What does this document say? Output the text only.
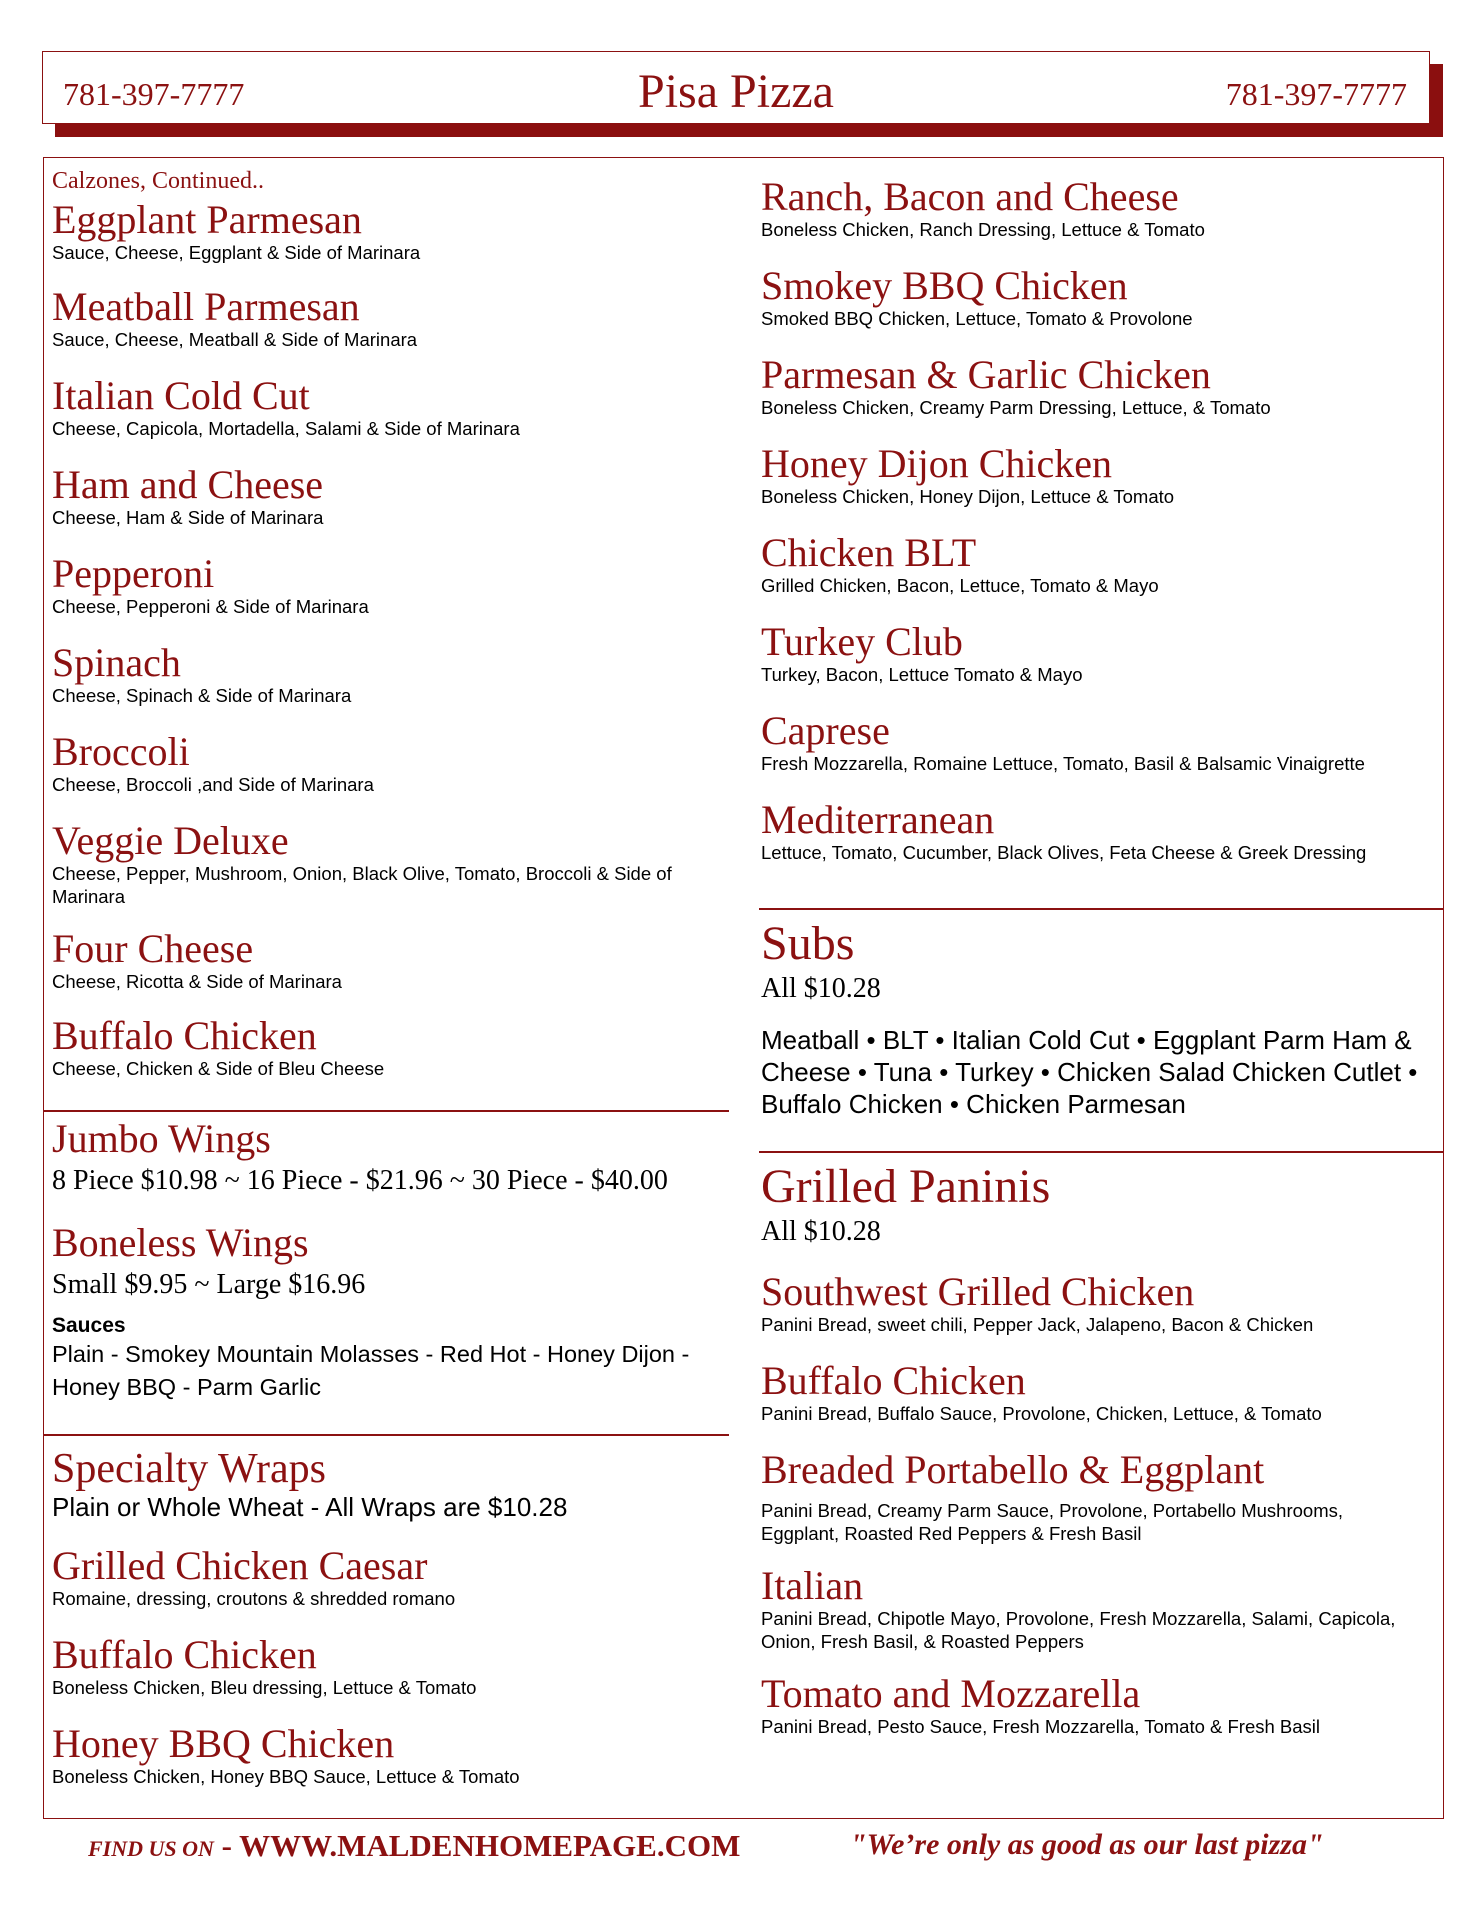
781-397-7777	Pisa Pizza	781-397-7777
Calzones, Continued..
Eggplant Parmesan
Sauce, Cheese, Eggplant & Side of Marinara
Meatball Parmesan
Sauce, Cheese, Meatball & Side of Marinara
Italian Cold Cut
Cheese, Capicola, Mortadella, Salami & Side of Marinara
Ham and Cheese
Cheese, Ham & Side of Marinara
Pepperoni
Cheese, Pepperoni & Side of Marinara
Spinach
Cheese, Spinach & Side of Marinara
Broccoli
Cheese, Broccoli ,and Side of Marinara
Veggie Deluxe
Cheese, Pepper, Mushroom, Onion, Black Olive, Tomato, Broccoli & Side of Marinara
Four Cheese
Cheese, Ricotta & Side of Marinara
Buffalo Chicken
Cheese, Chicken & Side of Bleu Cheese
Jumbo Wings
8 Piece $10.98 ~ 16 Piece - $21.96 ~ 30 Piece - $40.00
Boneless Wings
Small $9.95 ~ Large $16.96
Sauces
Plain - Smokey Mountain Molasses - Red Hot - Honey Dijon - Honey BBQ - Parm Garlic
Specialty Wraps
Plain or Whole Wheat - All Wraps are $10.28
Grilled Chicken Caesar
Romaine, dressing, croutons & shredded romano
Buffalo Chicken
Boneless Chicken, Bleu dressing, Lettuce & Tomato
Honey BBQ Chicken
Boneless Chicken, Honey BBQ Sauce, Lettuce & Tomato
Ranch, Bacon and Cheese
Boneless Chicken, Ranch Dressing, Lettuce & Tomato
Smokey BBQ Chicken
Smoked BBQ Chicken, Lettuce, Tomato & Provolone
Parmesan & Garlic Chicken
Boneless Chicken, Creamy Parm Dressing, Lettuce, & Tomato
Honey Dijon Chicken
Boneless Chicken, Honey Dijon, Lettuce & Tomato
Chicken BLT
Grilled Chicken, Bacon, Lettuce, Tomato & Mayo
Turkey Club
Turkey, Bacon, Lettuce Tomato & Mayo
Caprese
Fresh Mozzarella, Romaine Lettuce, Tomato, Basil & Balsamic Vinaigrette
Mediterranean
Lettuce, Tomato, Cucumber, Black Olives, Feta Cheese & Greek Dressing
Subs
All $10.28
Meatball • BLT • Italian Cold Cut • Eggplant Parm Ham & Cheese • Tuna • Turkey • Chicken Salad Chicken Cutlet • Buffalo Chicken • Chicken Parmesan
Grilled Paninis
All $10.28
Southwest Grilled Chicken
Panini Bread, sweet chili, Pepper Jack, Jalapeno, Bacon & Chicken
Buffalo Chicken
Panini Bread, Buffalo Sauce, Provolone, Chicken, Lettuce, & Tomato
Breaded Portabello & Eggplant
Panini Bread, Creamy Parm Sauce, Provolone, Portabello Mushrooms, Eggplant, Roasted Red Peppers & Fresh Basil
Italian
Panini Bread, Chipotle Mayo, Provolone, Fresh Mozzarella, Salami, Capicola, Onion, Fresh Basil, & Roasted Peppers
Tomato and Mozzarella
Panini Bread, Pesto Sauce, Fresh Mozzarella, Tomato & Fresh Basil
FIND US ON - WWW.MALDENHOMEPAGE.COM	"We’re only as good as our last pizza"
